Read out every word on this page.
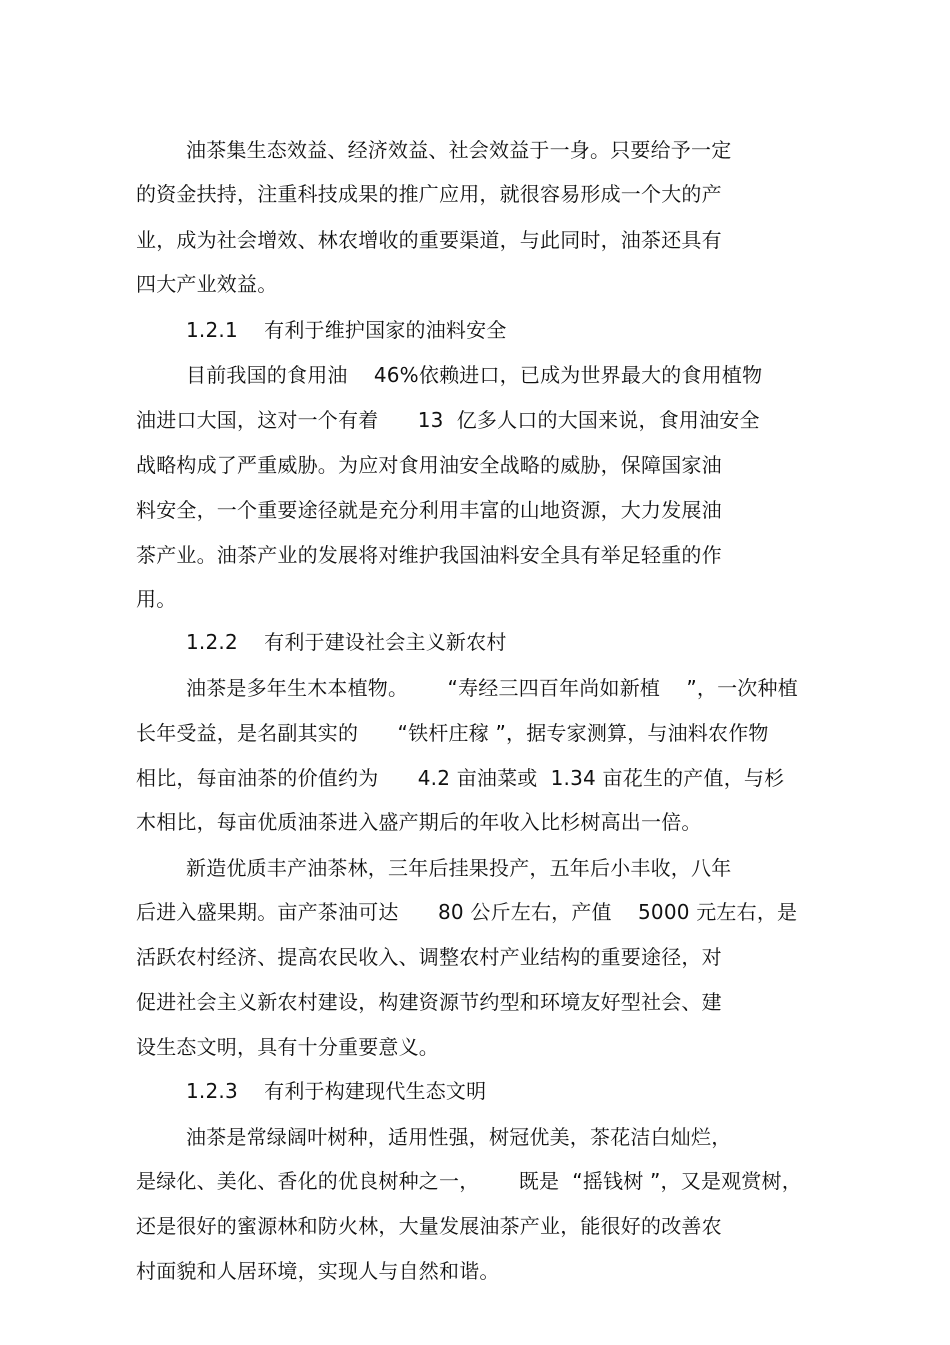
油茶集生态效益、经济效益、社会效益于一身。只要给予一定
的资金扶持，注重科技成果的推广应用，就很容易形成一个大的产
业，成为社会增效、林农增收的重要渠道，与此同时，油茶还具有
四大产业效益。
1.2.1    有利于维护国家的油料安全
目前我国的食用油    46%依赖进口，已成为世界最大的食用植物
油进口大国，这对一个有着      13  亿多人口的大国来说，食用油安全
战略构成了严重威胁。为应对食用油安全战略的威胁，保障国家油
料安全，一个重要途径就是充分利用丰富的山地资源，大力发展油
茶产业。油茶产业的发展将对维护我国油料安全具有举足轻重的作
用。
1.2.2    有利于建设社会主义新农村
油茶是多年生木本植物。      “寿经三四百年尚如新植    ”，一次种植
长年受益，是名副其实的      “铁杆庄稼 ”，据专家测算，与油料农作物
相比，每亩油茶的价值约为      4.2 亩油菜或  1.34 亩花生的产值，与杉
木相比，每亩优质油茶进入盛产期后的年收入比杉树高出一倍。
新造优质丰产油茶林，三年后挂果投产，五年后小丰收，八年
后进入盛果期。亩产茶油可达      80 公斤左右，产值    5000 元左右，是
活跃农村经济、提高农民收入、调整农村产业结构的重要途径，对
促进社会主义新农村建设，构建资源节约型和环境友好型社会、建
设生态文明，具有十分重要意义。
1.2.3    有利于构建现代生态文明
油茶是常绿阔叶树种，适用性强，树冠优美，茶花洁白灿烂，
是绿化、美化、香化的优良树种之一，      既是  “摇钱树 ”，又是观赏树，
还是很好的蜜源林和防火林，大量发展油茶产业，能很好的改善农
村面貌和人居环境，实现人与自然和谐。
